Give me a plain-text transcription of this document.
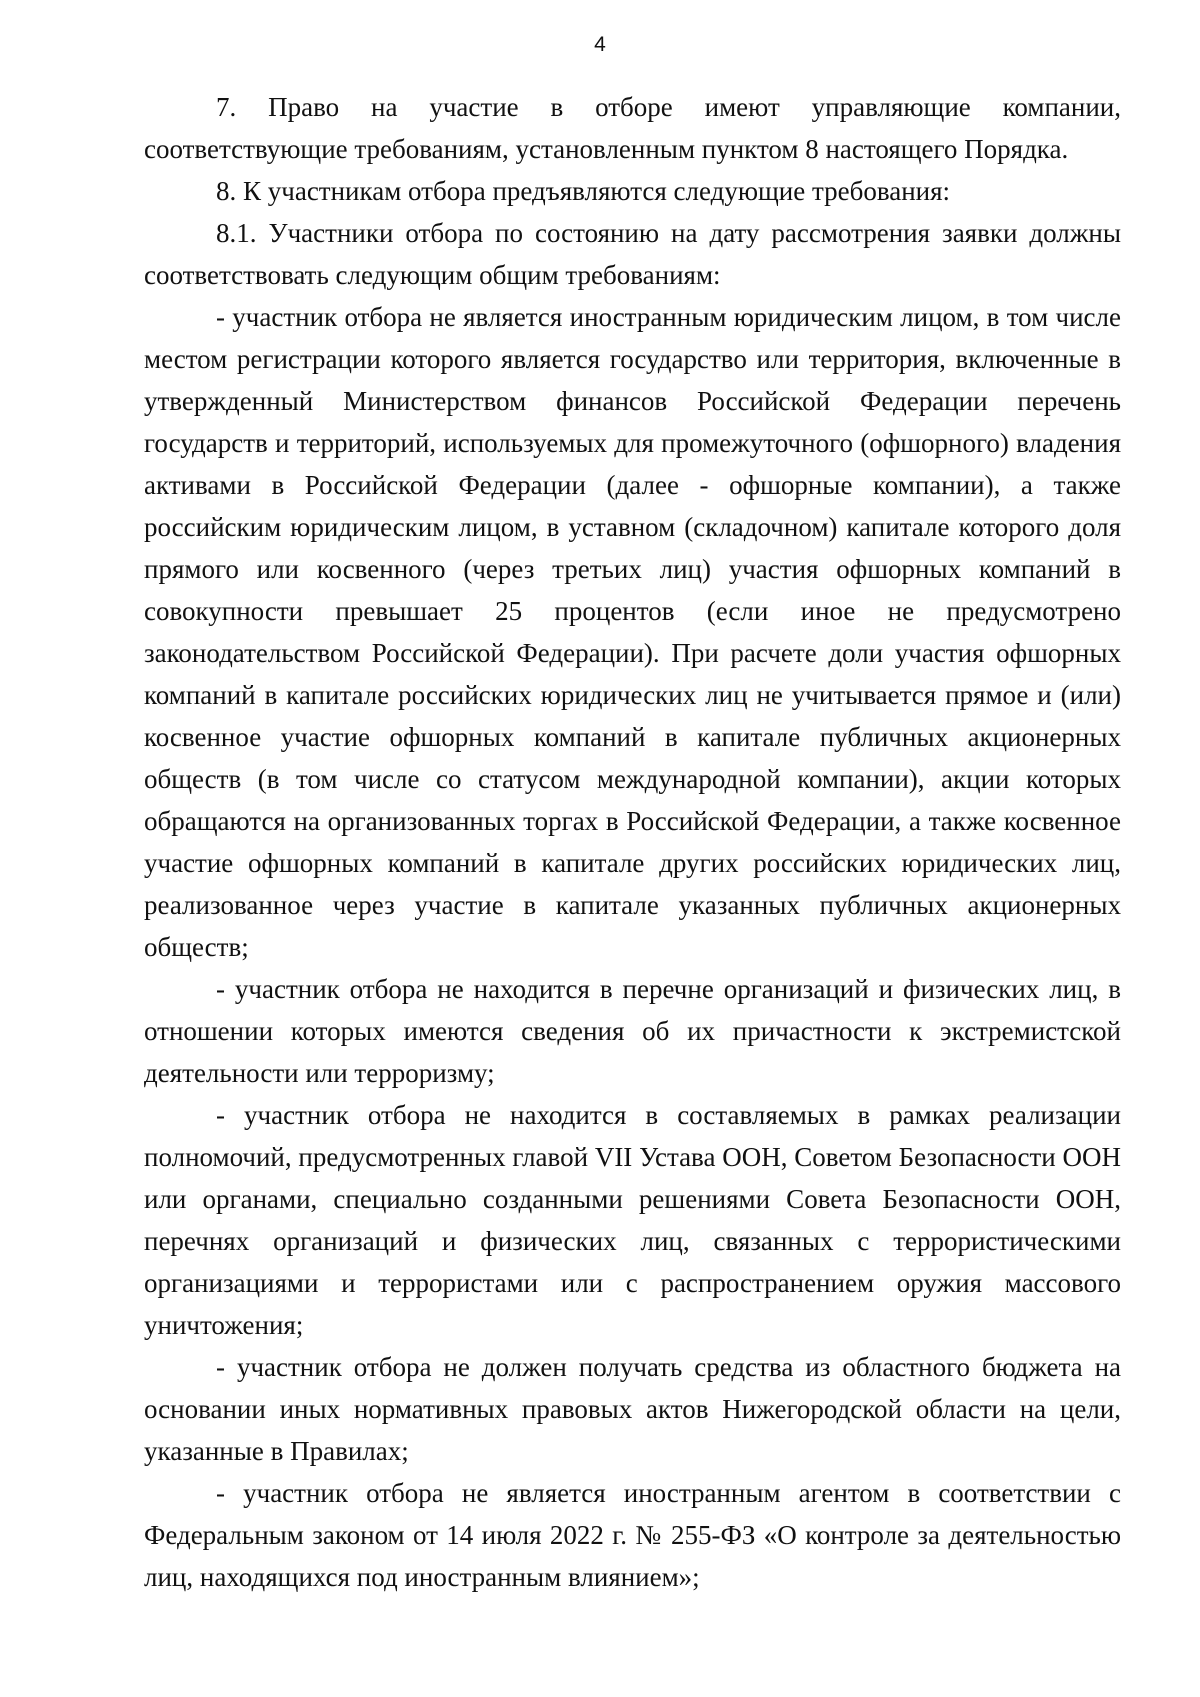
4

7. Право на участие в отборе имеют управляющие компании, соответствующие требованиям, установленным пунктом 8 настоящего Порядка.

8. К участникам отбора предъявляются следующие требования:

8.1. Участники отбора по состоянию на дату рассмотрения заявки должны соответствовать следующим общим требованиям:

- участник отбора не является иностранным юридическим лицом, в том числе местом регистрации которого является государство или территория, включенные в утвержденный Министерством финансов Российской Федерации перечень государств и территорий, используемых для промежуточного (офшорного) владения активами в Российской Федерации (далее - офшорные компании), а также российским юридическим лицом, в уставном (складочном) капитале которого доля прямого или косвенного (через третьих лиц) участия офшорных компаний в совокупности превышает 25 процентов (если иное не предусмотрено законодательством Российской Федерации). При расчете доли участия офшорных компаний в капитале российских юридических лиц не учитывается прямое и (или) косвенное участие офшорных компаний в капитале публичных акционерных обществ (в том числе со статусом международной компании), акции которых обращаются на организованных торгах в Российской Федерации, а также косвенное участие офшорных компаний в капитале других российских юридических лиц, реализованное через участие в капитале указанных публичных акционерных обществ;

- участник отбора не находится в перечне организаций и физических лиц, в отношении которых имеются сведения об их причастности к экстремистской деятельности или терроризму;

- участник отбора не находится в составляемых в рамках реализации полномочий, предусмотренных главой VII Устава ООН, Советом Безопасности ООН или органами, специально созданными решениями Совета Безопасности ООН, перечнях организаций и физических лиц, связанных с террористическими организациями и террористами или с распространением оружия массового уничтожения;

- участник отбора не должен получать средства из областного бюджета на основании иных нормативных правовых актов Нижегородской области на цели, указанные в Правилах;

- участник отбора не является иностранным агентом в соответствии с Федеральным законом от 14 июля 2022 г. № 255-ФЗ «О контроле за деятельностью лиц, находящихся под иностранным влиянием»;
